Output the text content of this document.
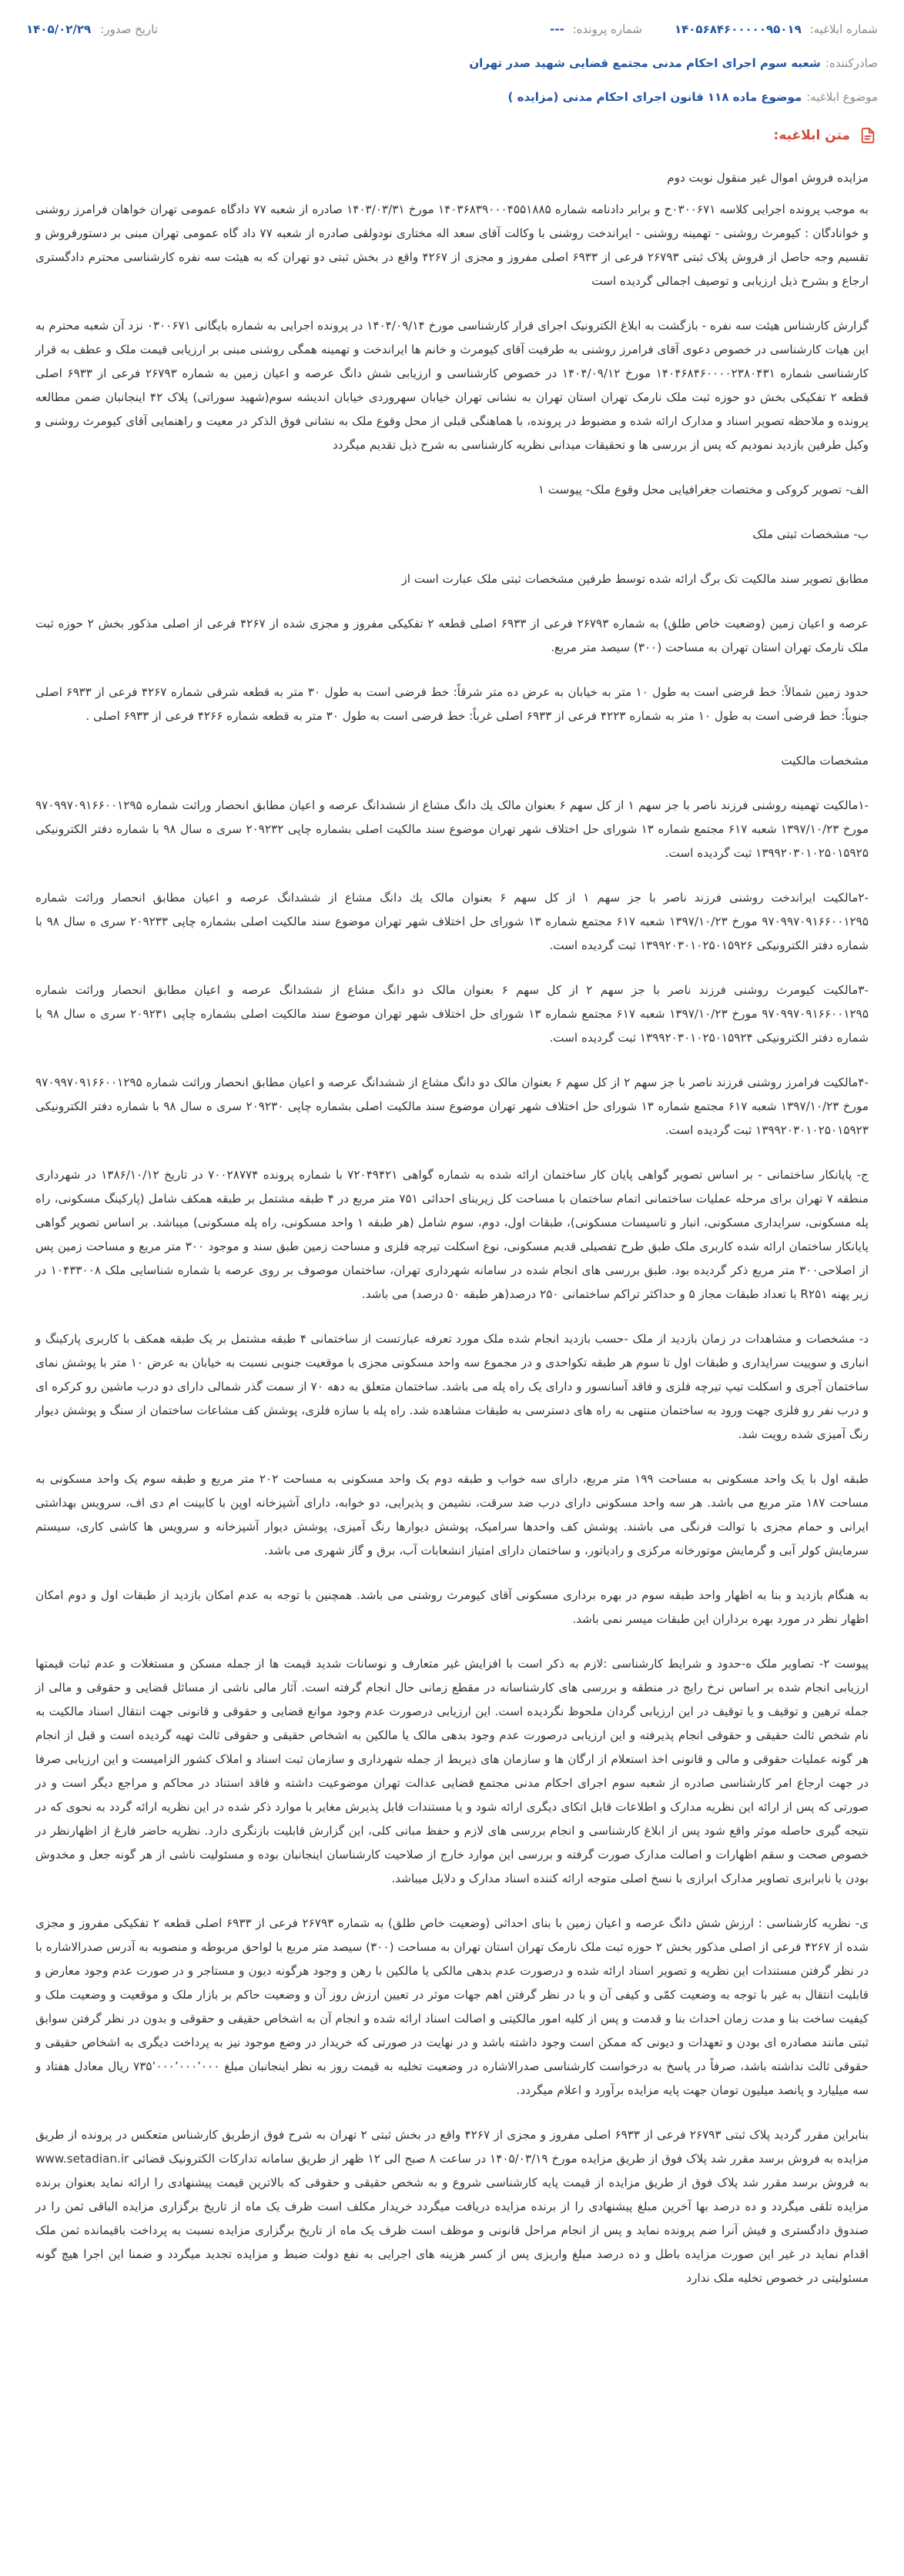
شماره ابلاغیه: ۱۴۰۵۶۸۴۶۰۰۰۰۰۹۵۰۱۹
شماره پرونده: ---
تاریخ صدور:
۱۴۰۵/۰۲/۲۹
صادرکننده:
شعبه سوم اجرای احکام مدنی مجتمع قضایی شهید صدر تهران
موضوع ابلاغیه:
موضوع ماده ۱۱۸ قانون اجرای احکام مدنی (مزایده )
متن ابلاغیه:

مزایده فروش اموال غیر منقول نوبت دوم

به موجب پرونده اجرایی کلاسه ۰۳۰۰۶۷۱ح و برابر دادنامه شماره ۱۴۰۳۶۸۳۹۰۰۰۴۵۵۱۸۸۵ مورخ ۱۴۰۳/۰۳/۳۱ صادره از شعبه ۷۷ دادگاه عمومی تهران خواهان فرامرز روشنی و خوانادگان : کیومرث روشنی - تهمینه روشنی - ایراندخت روشنی با وکالت آقای سعد اله مختاری نودولقی صادره از شعبه ۷۷ داد گاه عمومی تهران مبنی بر دستورفروش و تقسیم وجه حاصل از فروش پلاک ثبتی ۲۶۷۹۳ فرعی از ۶۹۳۳ اصلی مفروز و مجزی از ۴۲۶۷ واقع در بخش ثبتی دو تهران که به هیئت سه نفره کارشناسی محترم دادگستری ارجاع و بشرح ذیل ارزیابی و توصیف اجمالی گردیده است

گزارش کارشناس هیئت سه نفره - بازگشت به ابلاغ الکترونیک اجرای قرار کارشناسی مورخ ۱۴۰۴/۰۹/۱۴ در پرونده اجرایی به شماره بایگانی ۰۳۰۰۶۷۱ نزد آن شعبه محترم به این هیات کارشناسی در خصوص دعوی آقای فرامرز روشنی به طرفیت آقای کیومرث و خانم ها ایراندخت و تهمینه همگی روشنی مبنی بر ارزیابی قیمت ملک و عطف به قرار کارشناسی شماره ۱۴۰۴۶۸۴۶۰۰۰۰۲۳۸۰۴۳۱ مورخ ۱۴۰۴/۰۹/۱۲ در خصوص کارشناسی و ارزیابی شش دانگ عرصه و اعیان زمین به شماره ۲۶۷۹۳ فرعی از ۶۹۳۳ اصلی قطعه ۲ تفکیکی بخش دو حوزه ثبت ملک نارمک تهران استان تهران به نشانی تهران خیابان سهروردی خیابان اندیشه سوم(شهید سوراتی) پلاک ۴۲ اینجانبان ضمن مطالعه پرونده و ملاحظه تصویر اسناد و مدارک ارائه شده و مضبوط در پرونده، با هماهنگی قبلی از محل وقوع ملک به نشانی فوق الذکر در معیت و راهنمایی آقای کیومرث روشنی و وکیل طرفین بازدید نمودیم که پس از بررسی ها و تحقیقات میدانی نظریه کارشناسی به شرح ذیل تقدیم میگردد

الف- تصویر کروکی و مختصات جغرافیایی محل وقوع ملک- پیوست ۱

ب- مشخصات ثبتی ملک

مطابق تصویر سند مالکیت تک برگ ارائه شده توسط طرفین مشخصات ثبتی ملک عبارت است از

عرصه و اعیان زمین (وضعیت خاص طلق) به شماره ۲۶۷۹۳ فرعی از ۶۹۳۳ اصلی قطعه ۲ تفکیکی مفروز و مجزی شده از ۴۲۶۷ فرعی از اصلی مذکور بخش ۲ حوزه ثبت ملک نارمک تهران استان تهران به مساحت (۳۰۰) سیصد متر مربع.

حدود زمین شمالاً: خط فرضی است به طول ۱۰ متر به خیابان به عرض ده متر شرقاً: خط فرضی است به طول ۳۰ متر به قطعه شرقی شماره ۴۲۶۷ فرعی از ۶۹۳۳ اصلی جنوباً: خط فرضی است به طول ۱۰ متر به شماره ۴۲۲۳ فرعی از ۶۹۳۳ اصلی غرباً: خط فرضی است به طول ۳۰ متر به قطعه شماره ۴۲۶۶ فرعی از ۶۹۳۳ اصلی .

مشخصات مالکیت

-۱مالکیت تهمینه روشنی فرزند ناصر با جز سهم ۱ از کل سهم ۶ بعنوان مالک یك دانگ مشاع از ششدانگ عرصه و اعیان مطابق انحصار وراثت شماره ۹۷۰۹۹۷۰۹۱۶۶۰۰۱۲۹۵ مورخ ۱۳۹۷/۱۰/۲۳ شعبه ۶۱۷ مجتمع شماره ۱۳ شورای حل اختلاف شهر تهران موضوع سند مالکیت اصلی بشماره چاپی ۲۰۹۲۳۲ سری ه سال ۹۸ با شماره دفتر الکترونیکی ۱۳۹۹۲۰۳۰۱۰۲۵۰۱۵۹۲۵ ثبت گردیده است.

-۲مالکیت ایراندخت روشنی فرزند ناصر با جز سهم ۱ از کل سهم ۶ بعنوان مالک یك دانگ مشاع از ششدانگ عرصه و اعیان مطابق انحصار وراثت شماره ۹۷۰۹۹۷۰۹۱۶۶۰۰۱۲۹۵ مورخ ۱۳۹۷/۱۰/۲۳ شعبه ۶۱۷ مجتمع شماره ۱۳ شورای حل اختلاف شهر تهران موضوع سند مالکیت اصلی بشماره چاپی ۲۰۹۲۳۳ سری ه سال ۹۸ با شماره دفتر الکترونیکی ۱۳۹۹۲۰۳۰۱۰۲۵۰۱۵۹۲۶ ثبت گردیده است.

-۳مالکیت کیومرث روشنی فرزند ناصر با جز سهم ۲ از کل سهم ۶ بعنوان مالک دو دانگ مشاع از ششدانگ عرصه و اعیان مطابق انحصار وراثت شماره ۹۷۰۹۹۷۰۹۱۶۶۰۰۱۲۹۵ مورخ ۱۳۹۷/۱۰/۲۳ شعبه ۶۱۷ مجتمع شماره ۱۳ شورای حل اختلاف شهر تهران موضوع سند مالکیت اصلی بشماره چاپی ۲۰۹۲۳۱ سری ه سال ۹۸ با شماره دفتر الکترونیکی ۱۳۹۹۲۰۳۰۱۰۲۵۰۱۵۹۲۴ ثبت گردیده است.

-۴مالکیت فرامرز روشنی فرزند ناصر با جز سهم ۲ از کل سهم ۶ بعنوان مالک دو دانگ مشاع از ششدانگ عرصه و اعیان مطابق انحصار وراثت شماره ۹۷۰۹۹۷۰۹۱۶۶۰۰۱۲۹۵ مورخ ۱۳۹۷/۱۰/۲۳ شعبه ۶۱۷ مجتمع شماره ۱۳ شورای حل اختلاف شهر تهران موضوع سند مالکیت اصلی بشماره چاپی ۲۰۹۲۳۰ سری ه سال ۹۸ با شماره دفتر الکترونیکی ۱۳۹۹۲۰۳۰۱۰۲۵۰۱۵۹۲۳ ثبت گردیده است.

ج- پایانکار ساختمانی - بر اساس تصویر گواهی پایان کار ساختمان ارائه شده به شماره گواهی ۷۲۰۴۹۴۲۱ با شماره پرونده ۷۰۰۲۸۷۷۴ در تاریخ ۱۳۸۶/۱۰/۱۲ در شهرداری منطقه ۷ تهران برای مرحله عملیات ساختمانی اتمام ساختمان با مساحت کل زیربنای احداثی ۷۵۱ متر مربع در ۴ طبقه مشتمل بر طبقه همکف شامل (پارکینگ مسکونی، راه پله مسکونی، سرایداری مسکونی، انبار و تاسیسات مسکونی)، طبقات اول، دوم، سوم شامل (هر طبقه ۱ واحد مسکونی، راه پله مسکونی) میباشد. بر اساس تصویر گواهی پایانکار ساختمان ارائه شده کاربری ملک طبق طرح تفصیلی قدیم مسکونی، نوع اسکلت تیرچه فلزی و مساحت زمین طبق سند و موجود ۳۰۰ متر مربع و مساحت زمین پس از اصلاحی۳۰۰ متر مربع ذکر گردیده بود. طبق بررسی های انجام شده در سامانه شهرداری تهران، ساختمان موصوف بر روی عرصه با شماره شناسایی ملک ۱۰۴۳۳۰۰۸ در زیر پهنه R۲۵۱ با تعداد طبقات مجاز ۵ و حداکثر تراکم ساختمانی ۲۵۰ درصد(هر طبقه ۵۰ درصد) می باشد.

د- مشخصات و مشاهدات در زمان بازدید از ملک -حسب بازدید انجام شده ملک مورد تعرفه عبارتست از ساختمانی ۴ طبقه مشتمل بر یک طبقه همکف با کاربری پارکینگ و انباری و سوییت سرایداری و طبقات اول تا سوم هر طبقه تکواحدی و در مجموع سه واحد مسکونی مجزی با موقعیت جنوبی نسبت به خیابان به عرض ۱۰ متر با پوشش نمای ساختمان آجری و اسکلت تیپ تیرچه فلزی و فاقد آسانسور و دارای یک راه پله می باشد. ساختمان متعلق به دهه ۷۰ از سمت گذر شمالی دارای دو درب ماشین رو کرکره ای و درب نفر رو فلزی جهت ورود به ساختمان منتهی به راه های دسترسی به طبقات مشاهده شد. راه پله با سازه فلزی، پوشش کف مشاعات ساختمان از سنگ و پوشش دیوار رنگ آمیزی شده رویت شد.

طبقه اول با یک واحد مسکونی به مساحت ۱۹۹ متر مربع، دارای سه خواب و طبقه دوم یک واحد مسکونی به مساحت ۲۰۲ متر مربع و طبقه سوم یک واحد مسکونی به مساحت ۱۸۷ متر مربع می باشد. هر سه واحد مسکونی دارای درب ضد سرقت، نشیمن و پذیرایی، دو خوابه، دارای آشپزخانه اوپن با کابینت ام دی اف، سرویس بهداشتی ایرانی و حمام مجزی با توالت فرنگی می باشند. پوشش کف واحدها سرامیک، پوشش دیوارها رنگ آمیزی، پوشش دیوار آشپزخانه و سرویس ها کاشی کاری، سیستم سرمایش کولر آبی و گرمایش موتورخانه مرکزی و رادیاتور، و ساختمان دارای امتیاز انشعابات آب، برق و گاز شهری می باشد.

به هنگام بازدید و بنا به اظهار واحد طبقه سوم در بهره برداری مسکونی آقای کیومرث روشنی می باشد. همچنین با توجه به عدم امکان بازدید از طبقات اول و دوم امکان اظهار نظر در مورد بهره برداران این طبقات میسر نمی باشد.

پیوست ۲- تصاویر ملک ه-حدود و شرایط کارشناسی :لازم به ذکر است با افزایش غیر متعارف و نوسانات شدید قیمت ها از جمله مسکن و مستغلات و عدم ثبات قیمتها ارزیابی انجام شده بر اساس نرخ رایج در منطقه و بررسی های کارشناسانه در مقطع زمانی حال انجام گرفته است. آثار مالی ناشی از مسائل قضایی و حقوقی و مالی از جمله ترهین و توقیف و یا توقیف در این ارزیابی گردان ملحوظ نگردیده است. این ارزیابی درصورت عدم وجود موانع قضایی و حقوقی و قانونی جهت انتقال اسناد مالکیت به نام شخص ثالث حقیقی و حقوقی انجام پذیرفته و این ارزیابی درصورت عدم وجود بدهی مالک یا مالکین به اشخاص حقیقی و حقوقی ثالث تهیه گردیده است و قبل از انجام هر گونه عملیات حقوقی و مالی و قانونی اخذ استعلام از ارگان ها و سازمان های ذیربط از جمله شهرداری و سازمان ثبت اسناد و املاک کشور الزامیست و این ارزیابی صرفا در جهت ارجاع امر کارشناسی صادره از شعبه سوم اجرای احکام مدنی مجتمع قضایی عدالت تهران موضوعیت داشته و فاقد استناد در محاکم و مراجع دیگر است و در صورتی که پس از ارائه این نظریه مدارک و اطلاعات قابل اتکای دیگری ارائه شود و یا مستندات قابل پذیرش مغایر با موارد ذکر شده در این نظریه ارائه گردد به نحوی که در نتیجه گیری حاصله موثر واقع شود پس از ابلاغ کارشناسی و انجام بررسی های لازم و حفظ مبانی کلی، این گزارش قابلیت بازنگری دارد. نظریه حاضر فارغ از اظهارنظر در خصوص صحت و سقم اظهارات و اصالت مدارک صورت گرفته و بررسی این موارد خارج از صلاحیت کارشناسان اینجانبان بوده و مسئولیت ناشی از هر گونه جعل و مخدوش بودن یا نابرابری تصاویر مدارک ابرازی با نسخ اصلی متوجه ارائه کننده اسناد مدارک و دلایل میباشد.

ی- نظریه کارشناسی : ارزش شش دانگ عرصه و اعیان زمین با بنای احداثی (وضعیت خاص طلق) به شماره ۲۶۷۹۳ فرعی از ۶۹۳۳ اصلی قطعه ۲ تفکیکی مفروز و مجزی شده از ۴۲۶۷ فرعی از اصلی مذکور بخش ۲ حوزه ثبت ملک نارمک تهران استان تهران به مساحت (۳۰۰) سیصد متر مربع با لواحق مربوطه و منصوبه به آدرس صدرالاشاره با در نظر گرفتن مستندات این نظریه و تصویر اسناد ارائه شده و درصورت عدم بدهی مالکی یا مالکین با رهن و وجود هرگونه دیون و مستاجر و در صورت عدم وجود معارض و قابلیت انتقال به غیر با توجه به وضعیت کمّی و کیفی آن و با در نظر گرفتن اهم جهات موثر در تعیین ارزش روز آن و وضعیت حاکم بر بازار ملک و موقعیت و وضعیت ملک و کیفیت ساخت بنا و مدت زمان احداث بنا و قدمت و پس از کلیه امور مالکیتی و اصالت اسناد ارائه شده و انجام آن به اشخاص حقیقی و حقوقی و بدون در نظر گرفتن سوابق ثبتی مانند مصادره ای بودن و تعهدات و دیونی که ممکن است وجود داشته باشد و در نهایت در صورتی که خریدار در وضع موجود نیز به پرداخت دیگری به اشخاص حقیقی و حقوقی ثالث نداشته باشد، صرفاً در پاسخ به درخواست کارشناسی صدرالاشاره در وضعیت تخلیه به قیمت روز به نظر اینجانبان مبلغ ۷۳۵٬۰۰۰٬۰۰۰٬۰۰۰ ریال معادل هفتاد و سه میلیارد و پانصد میلیون تومان جهت پایه مزایده برآورد و اعلام میگردد.

بنابراین مقرر گردید پلاک ثبتی ۲۶۷۹۳ فرعی از ۶۹۳۳ اصلی مفروز و مجزی از ۴۲۶۷ واقع در بخش ثبتی ۲ تهران به شرح فوق ازطریق کارشناس متعکس در پرونده از طریق مزایده به فروش برسد مقرر شد پلاک فوق از طریق مزایده مورخ ۱۴۰۵/۰۳/۱۹ در ساعت ۸ صبح الی ۱۲ ظهر از طریق سامانه تدارکات الکترونیک قضائی www.setadian.ir به فروش برسد مقرر شد پلاک فوق از طریق مزایده از قیمت پایه کارشناسی شروع و به شخص حقیقی و حقوقی که بالاترین قیمت پیشنهادی را ارائه نماید بعنوان برنده مزایده تلقی میگردد و ده درصد بها آخرین مبلغ پیشنهادی را از برنده مزایده دریافت میگردد خریدار مکلف است ظرف یک ماه از تاریخ برگزاری مزایده الباقی ثمن را در صندوق دادگستری و فیش آنرا ضم پرونده نماید و پس از انجام مراحل قانونی و موظف است ظرف یک ماه از تاریخ برگزاری مزایده نسبت به پرداخت باقیمانده ثمن ملک اقدام نماید در غیر این صورت مزایده باطل و ده درصد مبلغ واریزی پس از کسر هزینه های اجرایی به نفع دولت ضبط و مزایده تجدید میگردد و ضمنا این اجرا هیچ گونه مسئولیتی در خصوص تخلیه ملک ندارد
